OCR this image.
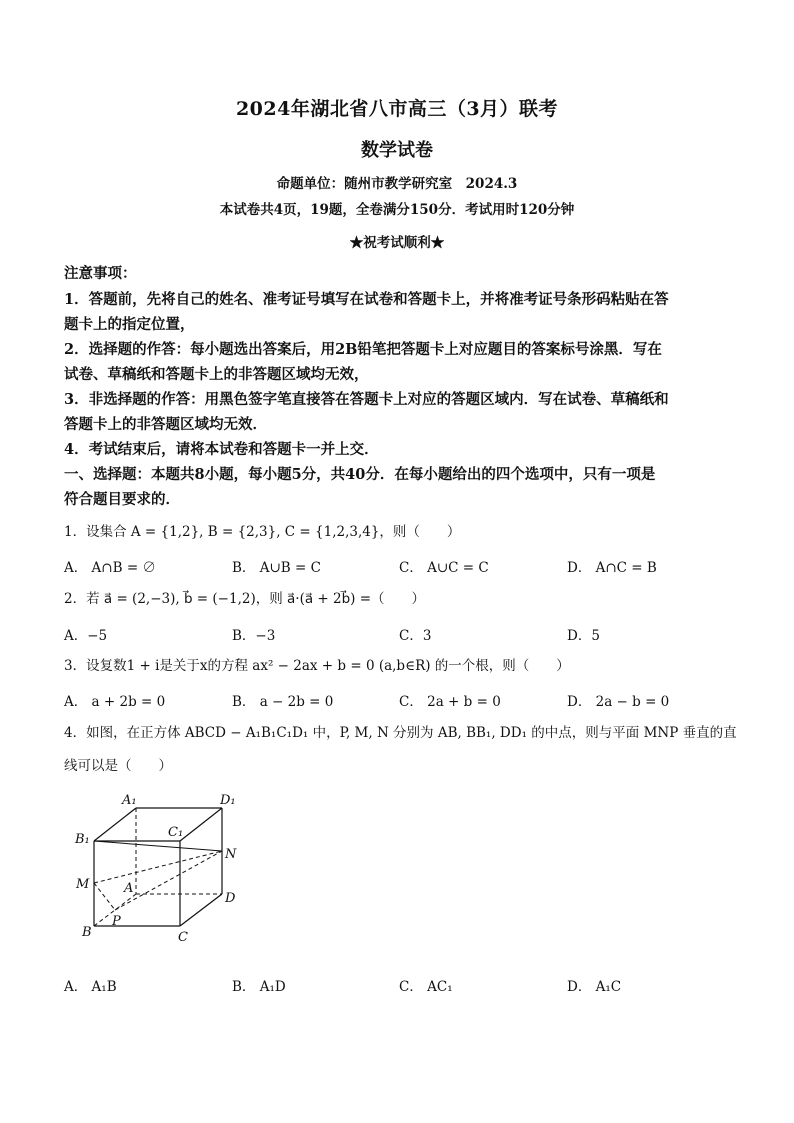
2024年湖北省八市高三（3月）联考
数学试卷
命题单位：随州市教学研究室　2024.3
本试卷共4页，19题，全卷满分150分．考试用时120分钟
★祝考试顺利★
注意事项：
1．答题前，先将自己的姓名、准考证号填写在试卷和答题卡上，并将准考证号条形码粘贴在答
题卡上的指定位置，
2．选择题的作答：每小题选出答案后，用2B铅笔把答题卡上对应题目的答案标号涂黑．写在
试卷、草稿纸和答题卡上的非答题区域均无效，
3．非选择题的作答：用黑色签字笔直接答在答题卡上对应的答题区域内．写在试卷、草稿纸和
答题卡上的非答题区域均无效．
4．考试结束后，请将本试卷和答题卡一并上交．
一、选择题：本题共8小题，每小题5分，共40分．在每小题给出的四个选项中，只有一项是
符合题目要求的．
1．设集合 A = {1,2}, B = {2,3}, C = {1,2,3,4}，则（　　）
A． A∩B = ∅	B． A∪B = C	C． A∪C = C	D． A∩C = B
2．若 a⃗ = (2,−3), b⃗ = (−1,2)，则 a⃗·(a⃗ + 2b⃗) =（　　）
A．−5	B．−3	C．3	D．5
3．设复数1 + i是关于x的方程 ax² − 2ax + b = 0 (a,b∈R) 的一个根，则（　　）
A． a + 2b = 0	B． a − 2b = 0	C． 2a + b = 0	D． 2a − b = 0
4．如图，在正方体 ABCD − A₁B₁C₁D₁ 中，P, M, N 分别为 AB, BB₁, DD₁ 的中点，则与平面 MNP 垂直的直
线可以是（　　）
A₁	D₁
B₁	C₁
N
M	A
D
P
B	C
A． A₁B	B． A₁D	C． AC₁	D． A₁C
